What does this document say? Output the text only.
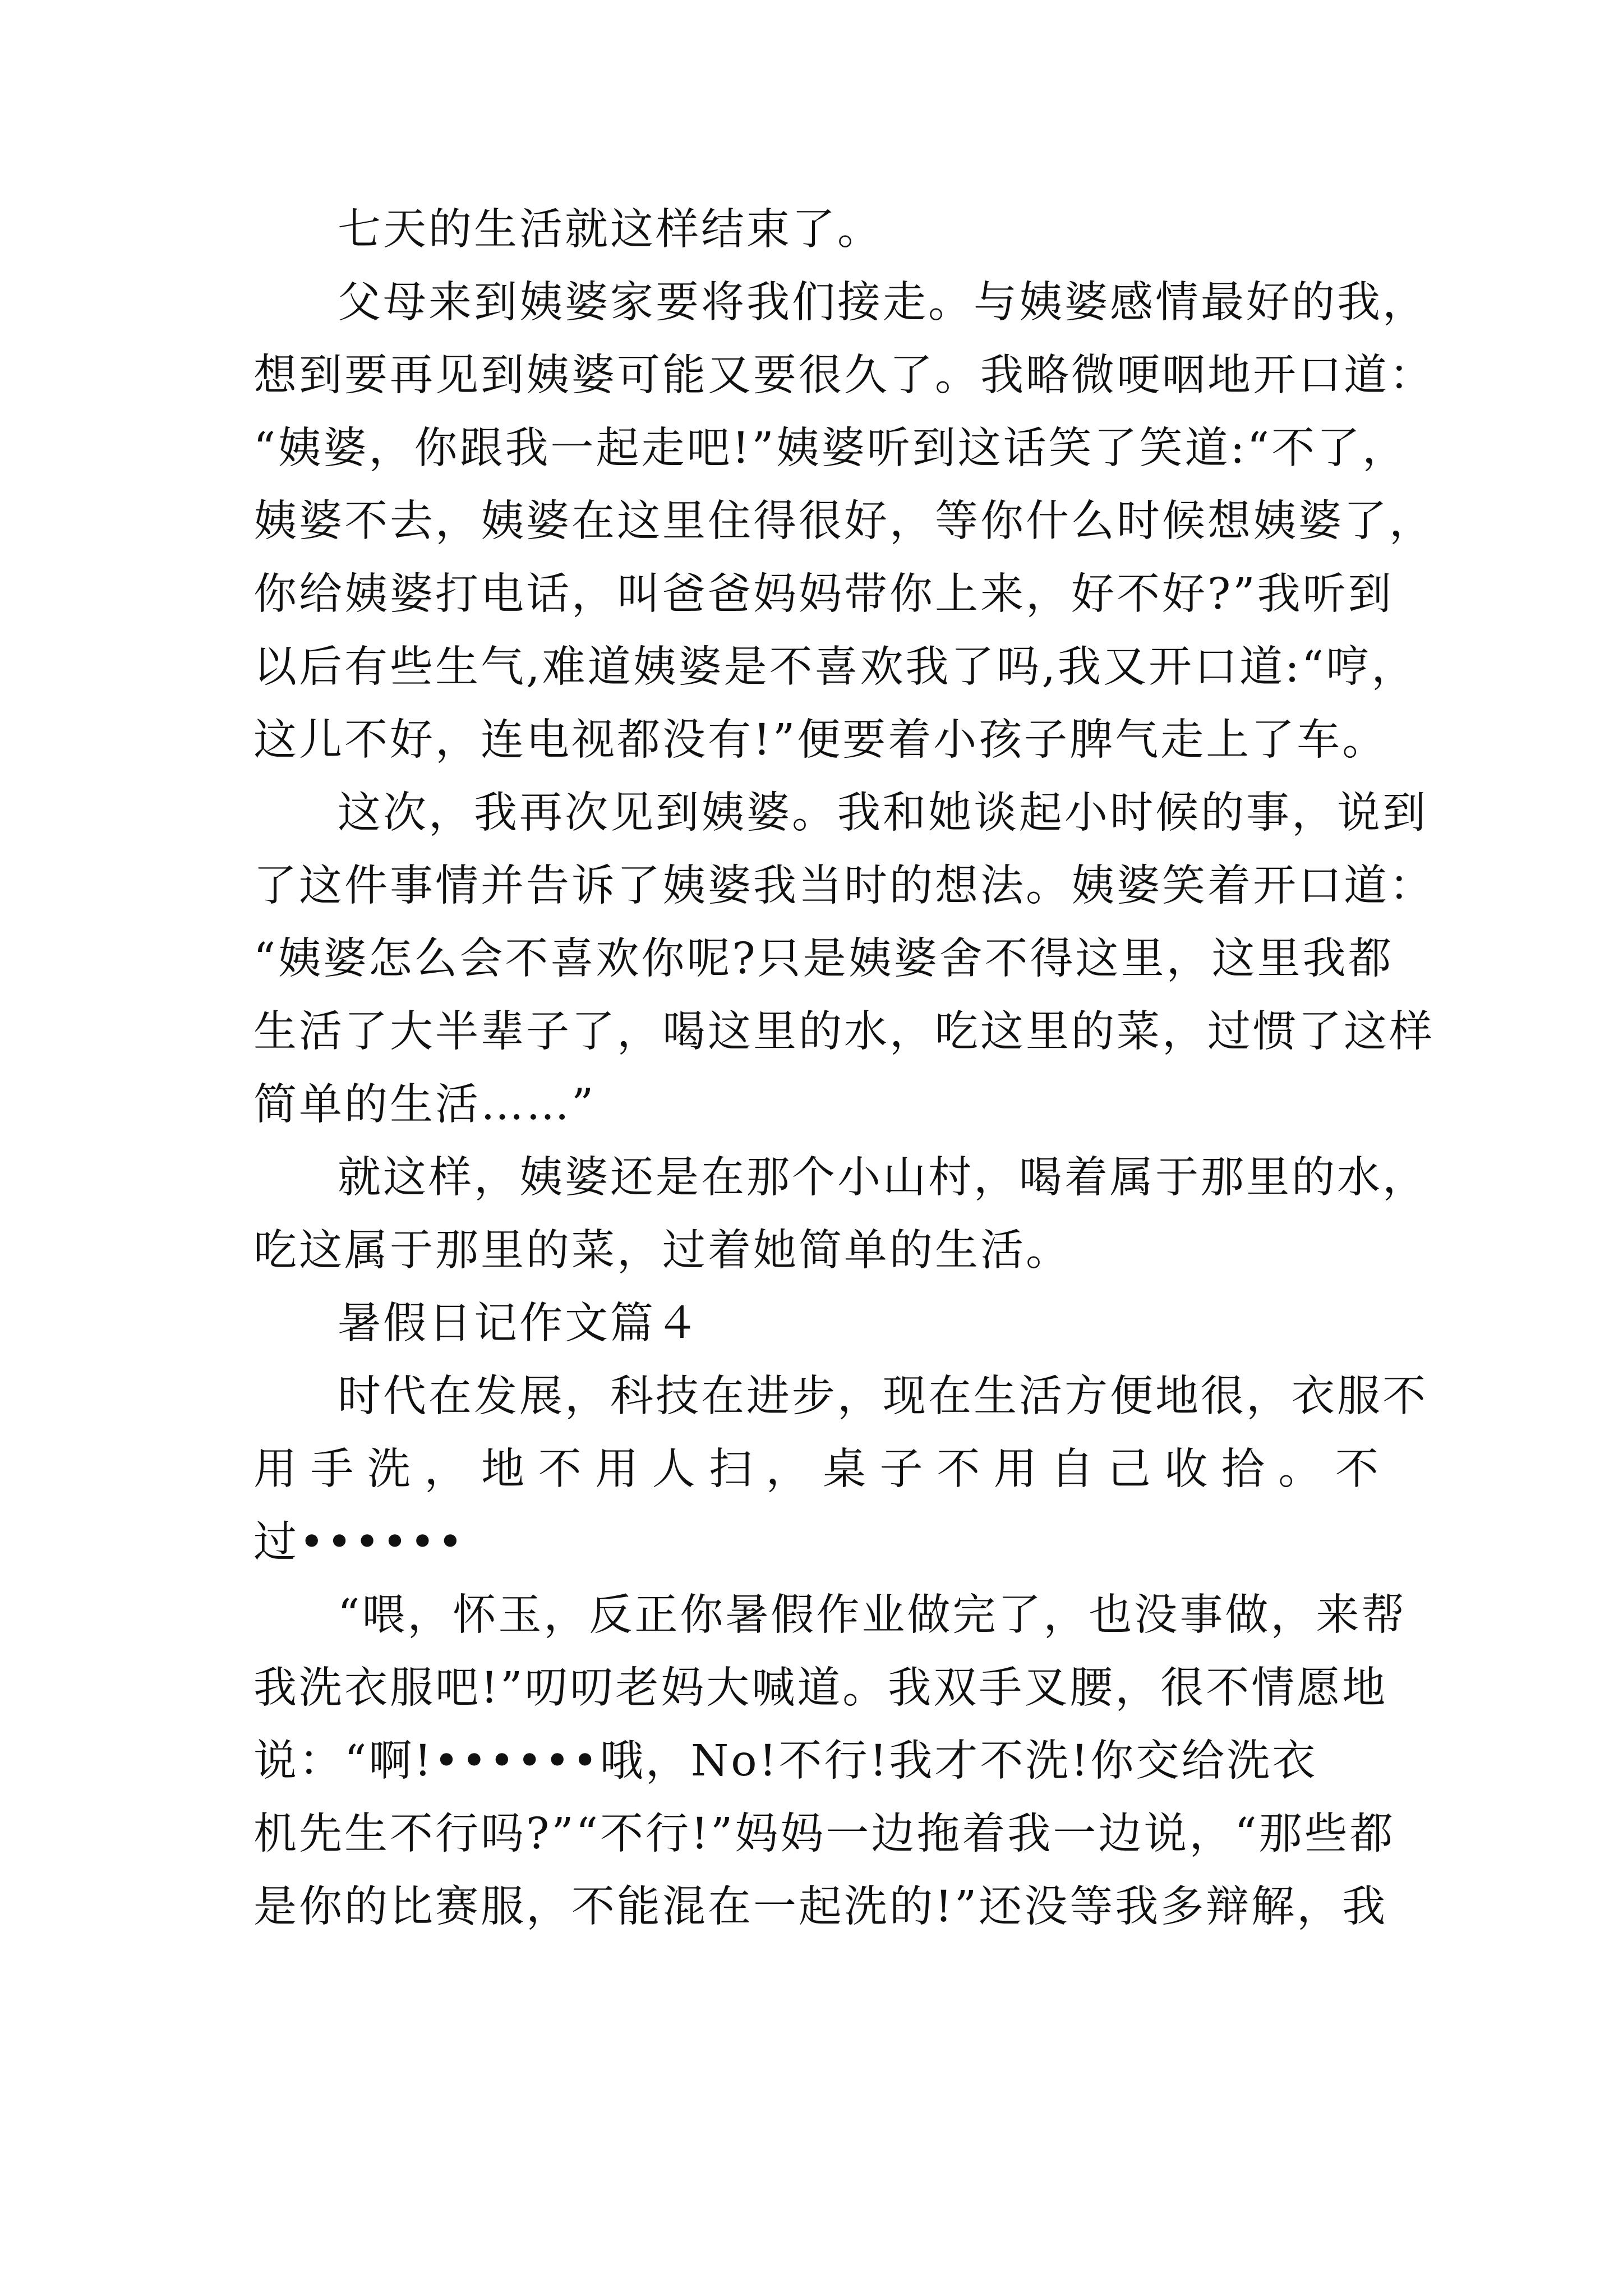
七天的生活就这样结束了。
父母来到姨婆家要将我们接走。与姨婆感情最好的我，
想到要再见到姨婆可能又要很久了。我略微哽咽地开口道：
“姨婆，你跟我一起走吧!”姨婆听到这话笑了笑道:“不了，
姨婆不去，姨婆在这里住得很好，等你什么时候想姨婆了，
你给姨婆打电话，叫爸爸妈妈带你上来，好不好?”我听到
以后有些生气,难道姨婆是不喜欢我了吗,我又开口道:“哼，
这儿不好，连电视都没有!”便要着小孩子脾气走上了车。
这次，我再次见到姨婆。我和她谈起小时候的事，说到
了这件事情并告诉了姨婆我当时的想法。姨婆笑着开口道：
“姨婆怎么会不喜欢你呢?只是姨婆舍不得这里，这里我都
生活了大半辈子了，喝这里的水，吃这里的菜，过惯了这样
简单的生活……”
就这样，姨婆还是在那个小山村，喝着属于那里的水，
吃这属于那里的菜，过着她简单的生活。
暑假日记作文篇４
时代在发展，科技在进步，现在生活方便地很，衣服不
用 手 洗 ， 地 不 用 人 扫 ， 桌 子 不 用 自 己 收 拾 。 不
过••••••
“喂，怀玉，反正你暑假作业做完了，也没事做，来帮
我洗衣服吧!”叨叨老妈大喊道。我双手叉腰，很不情愿地
说：“啊!••••••哦，No!不行!我才不洗!你交给洗衣
机先生不行吗?”“不行!”妈妈一边拖着我一边说，“那些都
是你的比赛服，不能混在一起洗的!”还没等我多辩解，我
